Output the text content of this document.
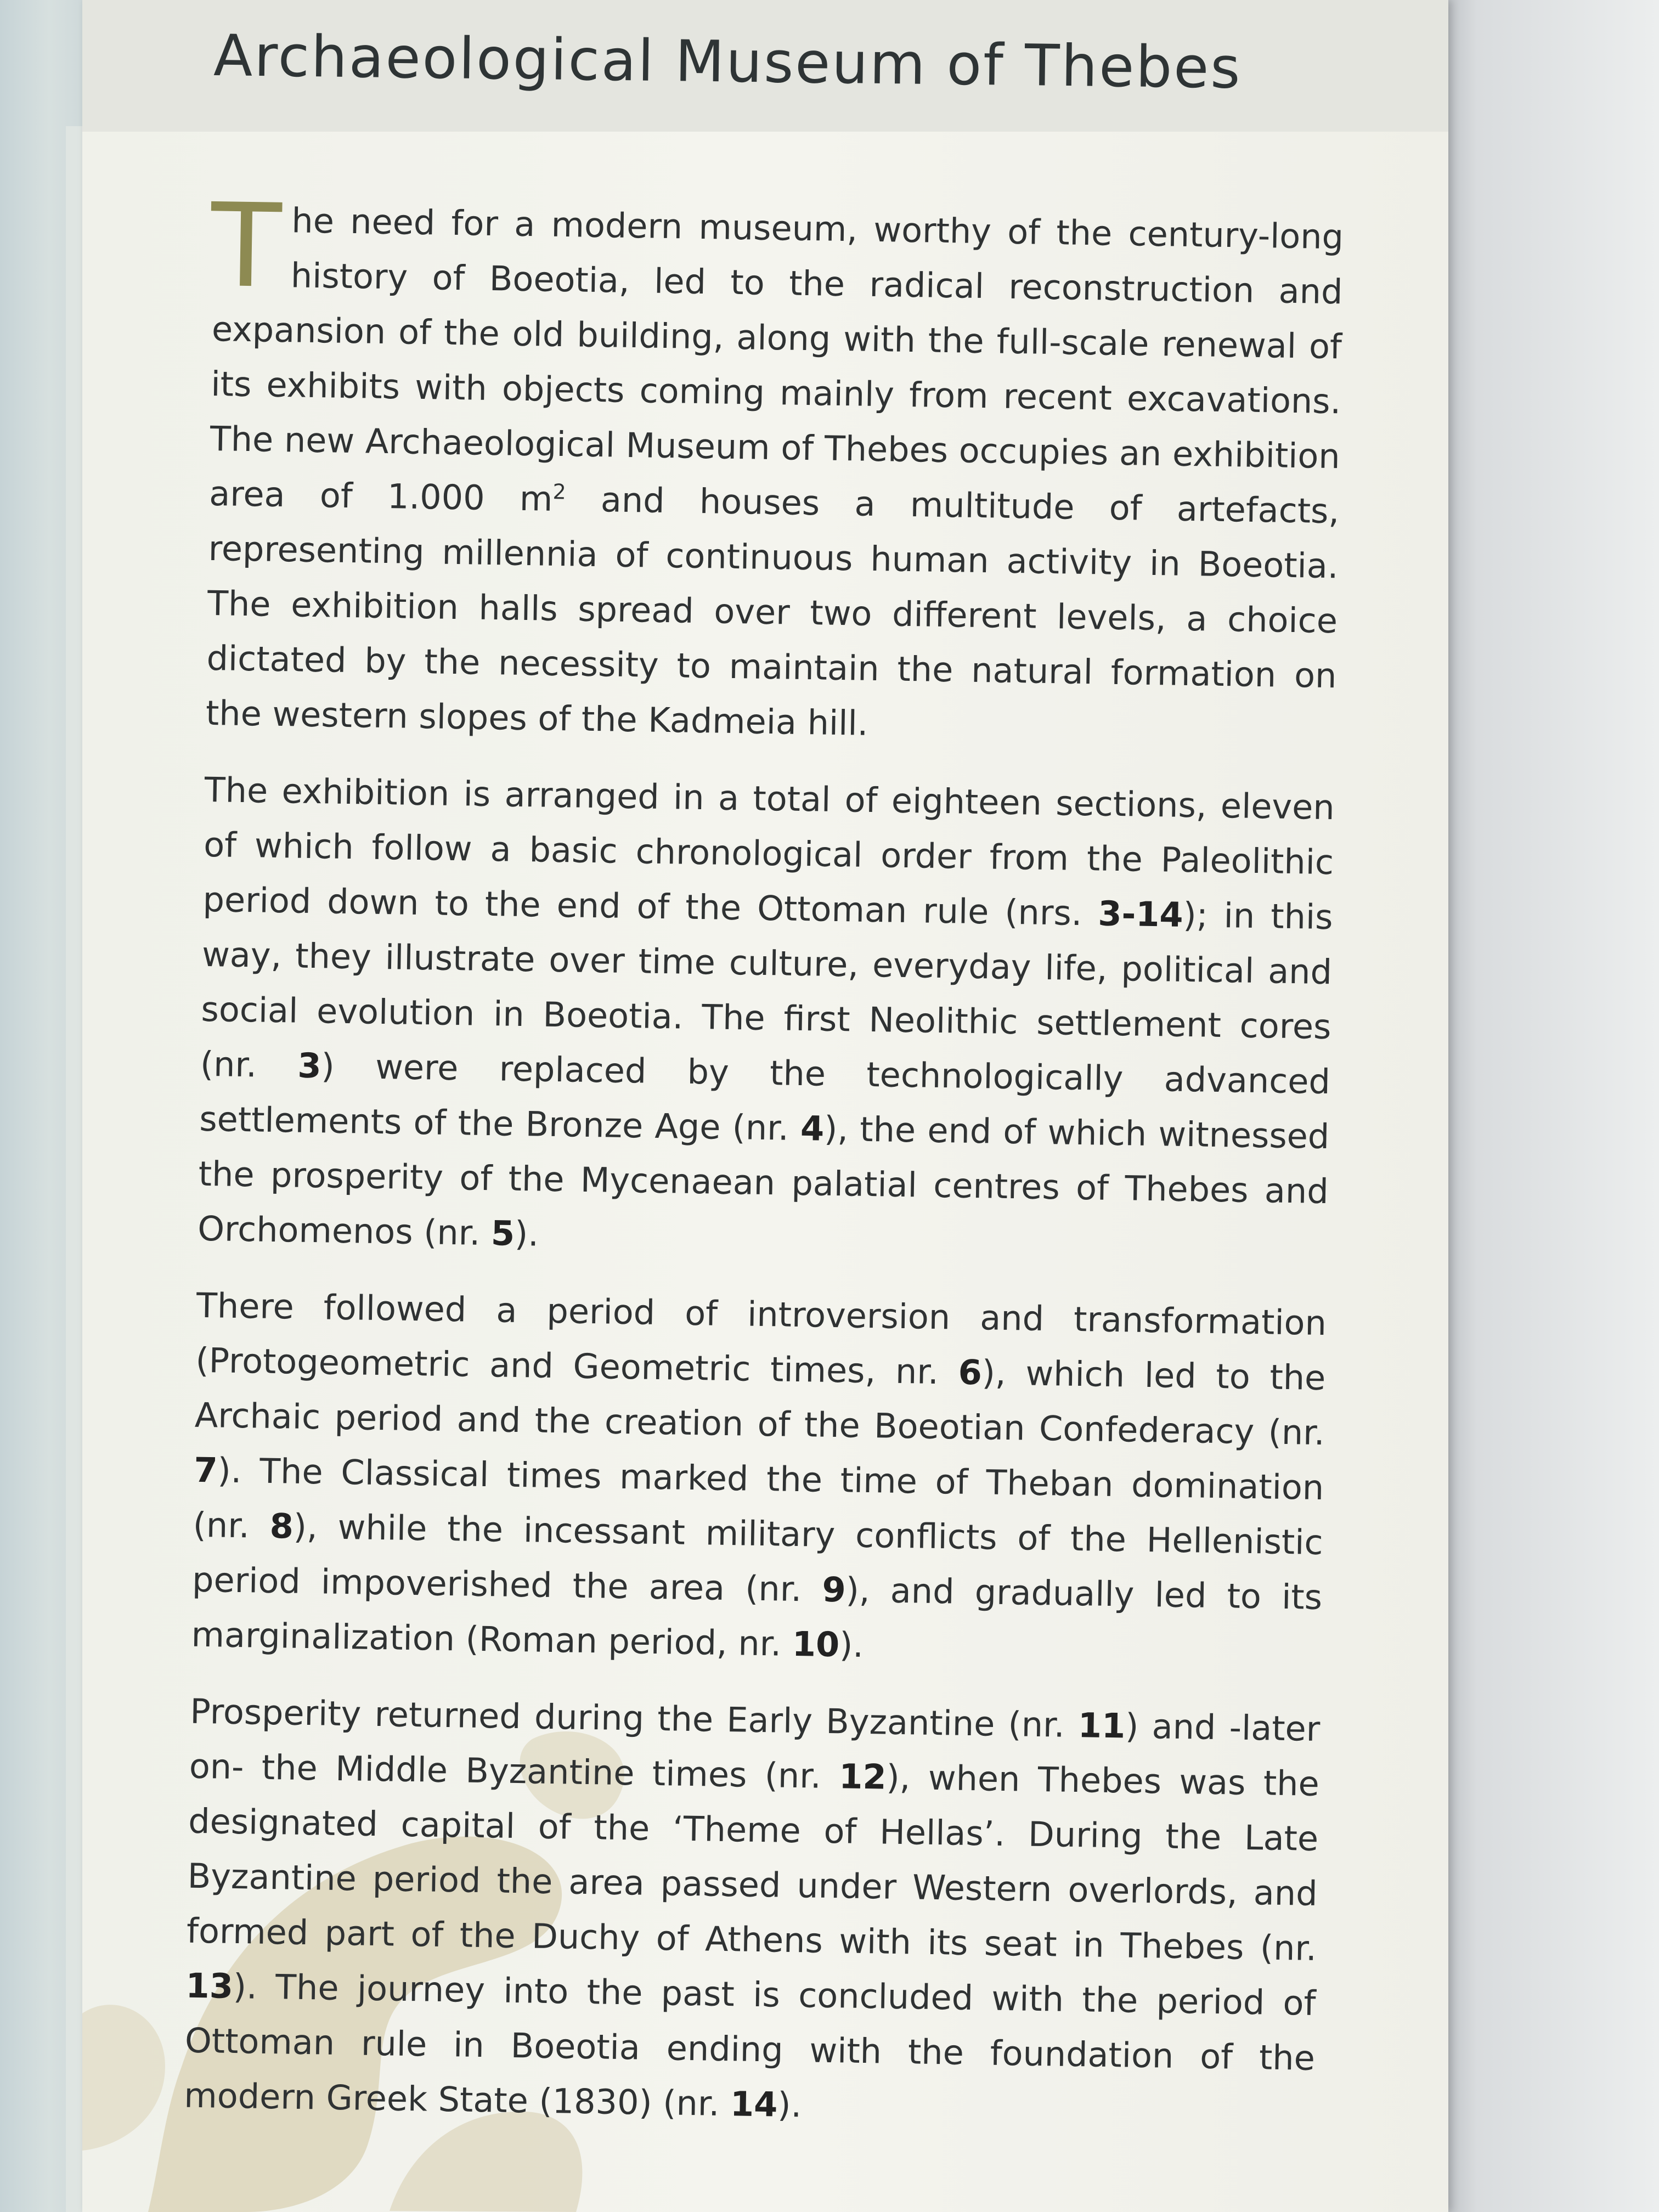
Archaeological Museum of Thebes

The need for a modern museum, worthy of the century-long history of Boeotia, led to the radical reconstruction and expansion of the old building, along with the full-scale renewal of its exhibits with objects coming mainly from recent excavations. The new Archaeological Museum of Thebes occupies an exhibition area of 1.000 $m^2$ and houses a multitude of artefacts, representing millennia of continuous human activity in Boeotia. The exhibition halls spread over two different levels, a choice dictated by the necessity to maintain the natural formation on the western slopes of the Kadmeia hill.

The exhibition is arranged in a total of eighteen sections, eleven of which follow a basic chronological order from the Paleolithic period down to the end of the Ottoman rule (nrs. 3-14); in this way, they illustrate over time culture, everyday life, political and social evolution in Boeotia. The first Neolithic settlement cores (nr. 3) were replaced by the technologically advanced settlements of the Bronze Age (nr. 4), the end of which witnessed the prosperity of the Mycenaean palatial centres of Thebes and Orchomenos (nr. 5).

There followed a period of introversion and transformation (Protogeometric and Geometric times, nr. 6), which led to the Archaic period and the creation of the Boeotian Confederacy (nr. 7). The Classical times marked the time of Theban domination (nr. 8), while the incessant military conflicts of the Hellenistic period impoverished the area (nr. 9), and gradually led to its marginalization (Roman period, nr. 10).

Prosperity returned during the Early Byzantine (nr. 11) and -later on- the Middle Byzantine times (nr. 12), when Thebes was the designated capital of the ‘Theme of Hellas’. During the Late Byzantine period the area passed under Western overlords, and formed part of the Duchy of Athens with its seat in Thebes (nr. 13). The journey into the past is concluded with the period of Ottoman rule in Boeotia ending with the foundation of the modern Greek State (1830) (nr. 14).
